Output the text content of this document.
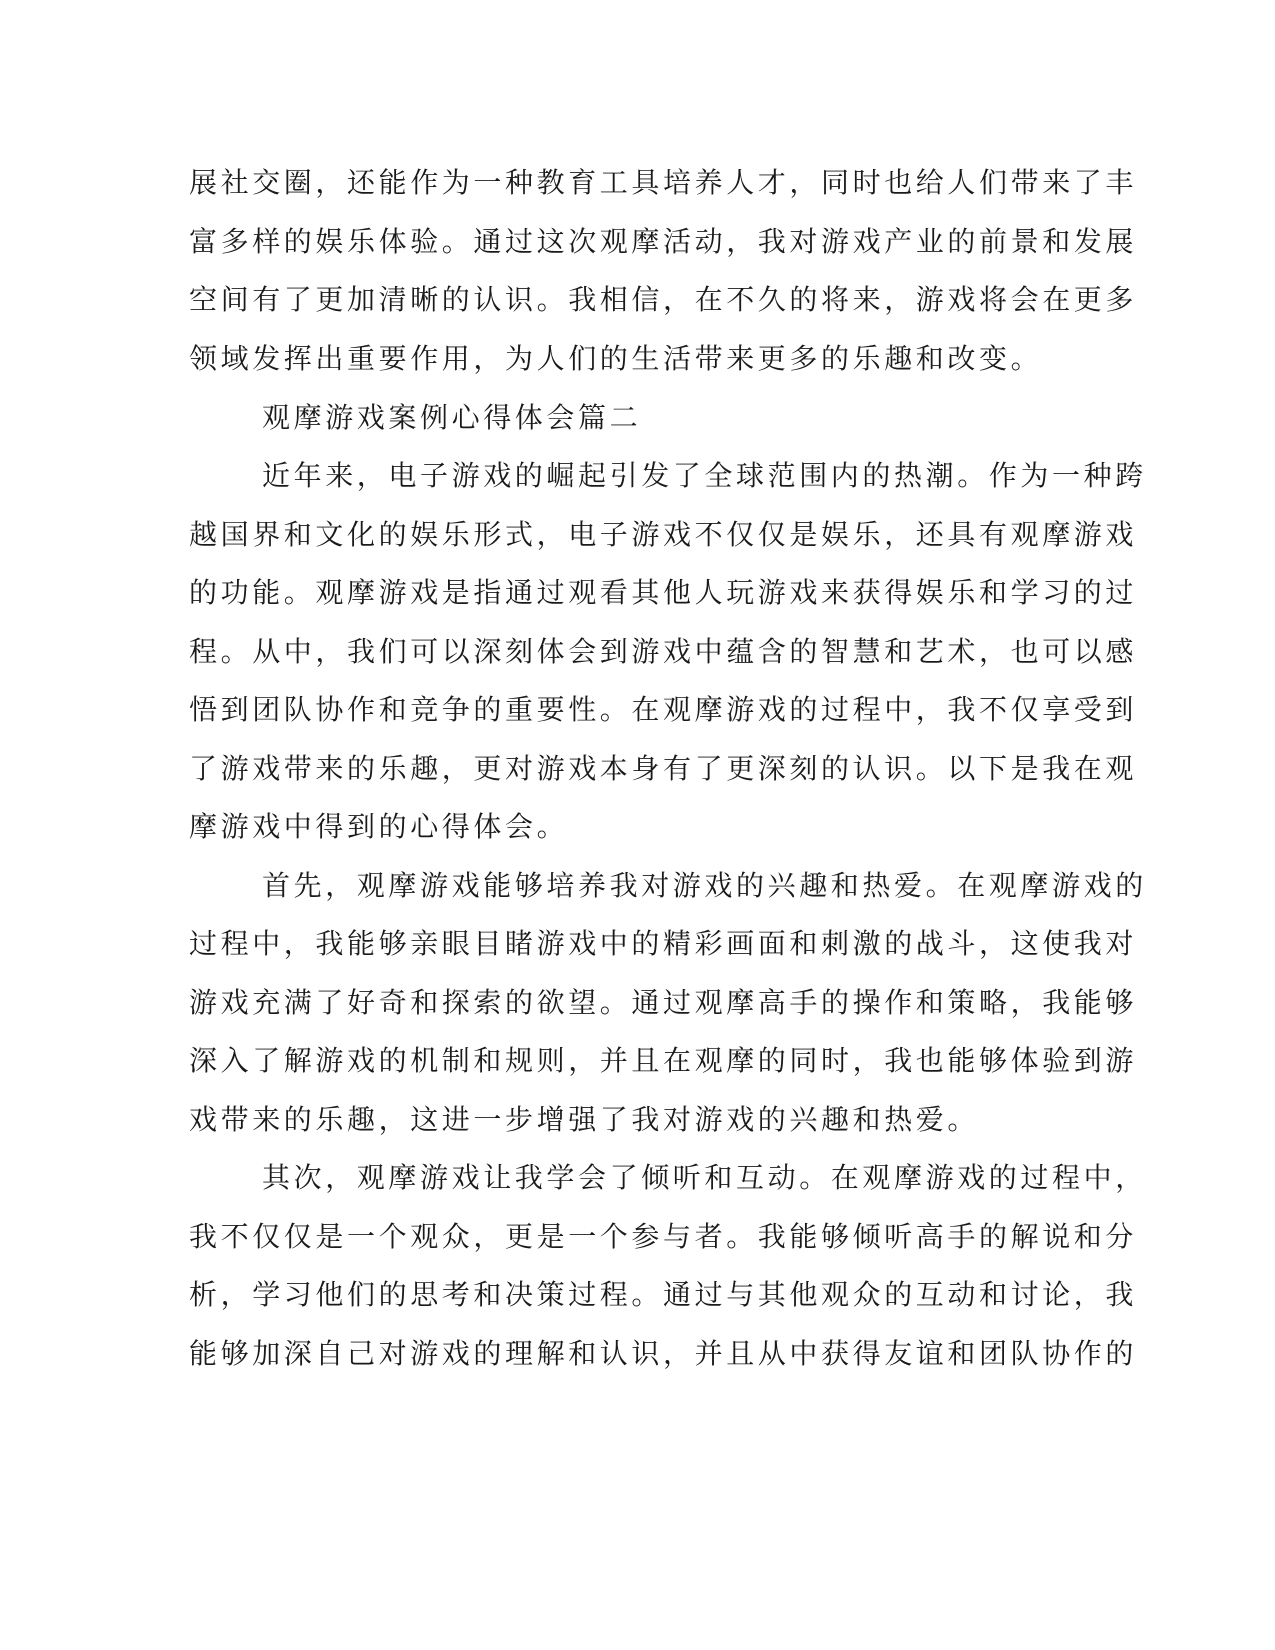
展社交圈，还能作为一种教育工具培养人才，同时也给人们带来了丰
富多样的娱乐体验。通过这次观摩活动，我对游戏产业的前景和发展
空间有了更加清晰的认识。我相信，在不久的将来，游戏将会在更多
领域发挥出重要作用，为人们的生活带来更多的乐趣和改变。
观摩游戏案例心得体会篇二
近年来，电子游戏的崛起引发了全球范围内的热潮。作为一种跨
越国界和文化的娱乐形式，电子游戏不仅仅是娱乐，还具有观摩游戏
的功能。观摩游戏是指通过观看其他人玩游戏来获得娱乐和学习的过
程。从中，我们可以深刻体会到游戏中蕴含的智慧和艺术，也可以感
悟到团队协作和竞争的重要性。在观摩游戏的过程中，我不仅享受到
了游戏带来的乐趣，更对游戏本身有了更深刻的认识。以下是我在观
摩游戏中得到的心得体会。
首先，观摩游戏能够培养我对游戏的兴趣和热爱。在观摩游戏的
过程中，我能够亲眼目睹游戏中的精彩画面和刺激的战斗，这使我对
游戏充满了好奇和探索的欲望。通过观摩高手的操作和策略，我能够
深入了解游戏的机制和规则，并且在观摩的同时，我也能够体验到游
戏带来的乐趣，这进一步增强了我对游戏的兴趣和热爱。
其次，观摩游戏让我学会了倾听和互动。在观摩游戏的过程中，
我不仅仅是一个观众，更是一个参与者。我能够倾听高手的解说和分
析，学习他们的思考和决策过程。通过与其他观众的互动和讨论，我
能够加深自己对游戏的理解和认识，并且从中获得友谊和团队协作的
